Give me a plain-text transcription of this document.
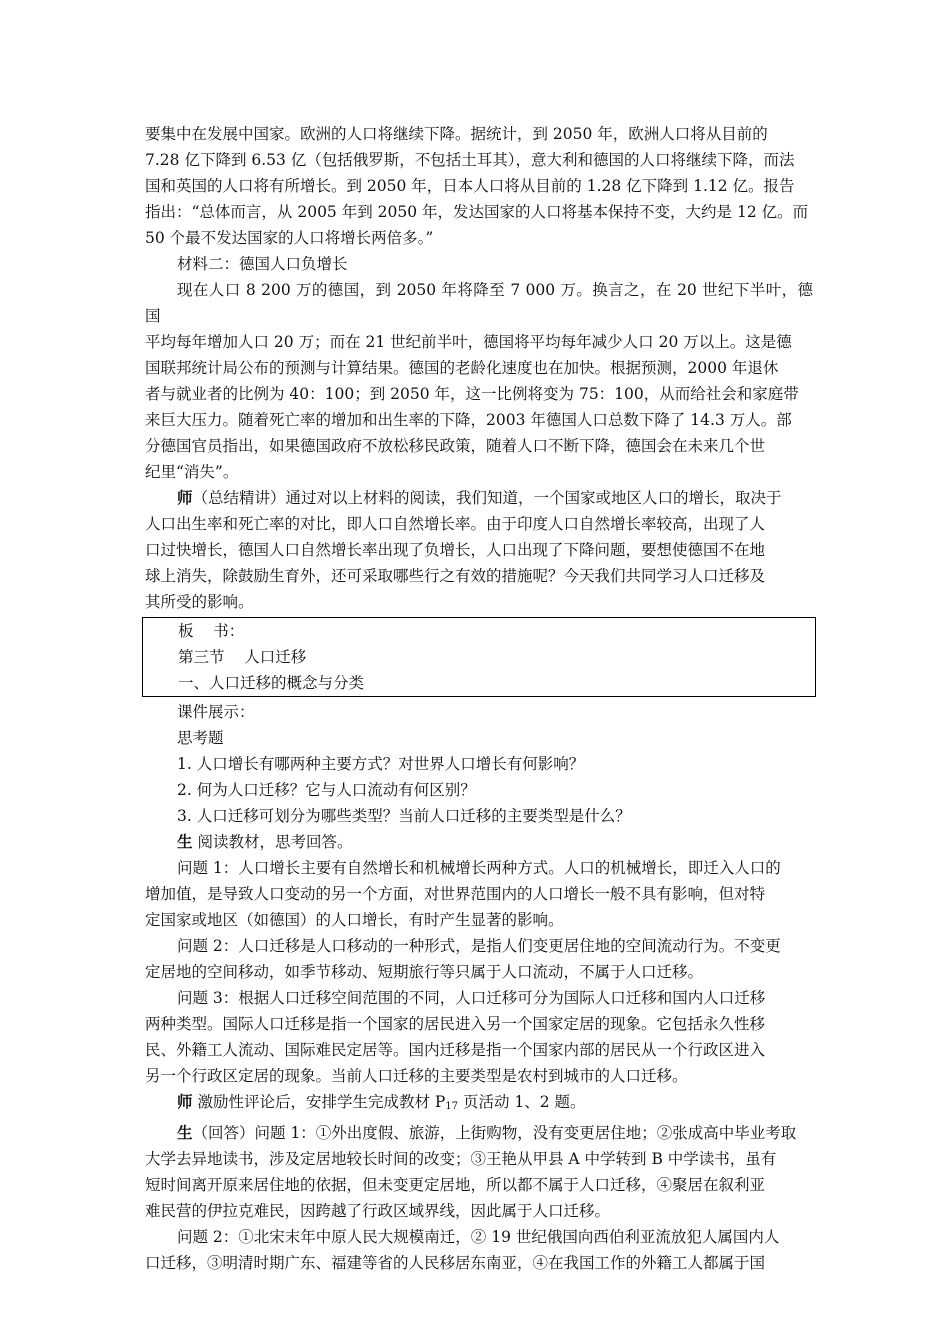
要集中在发展中国家。欧洲的人口将继续下降。据统计，到 2050 年，欧洲人口将从目前的
7.28 亿下降到 6.53 亿（包括俄罗斯，不包括土耳其），意大利和德国的人口将继续下降，而法
国和英国的人口将有所增长。到 2050 年，日本人口将从目前的 1.28 亿下降到 1.12 亿。报告
指出：“总体而言，从 2005 年到 2050 年，发达国家的人口将基本保持不变，大约是 12 亿。而
50 个最不发达国家的人口将增长两倍多。”

材料二：德国人口负增长

现在人口 8 200 万的德国，到 2050 年将降至 7 000 万。换言之，在 20 世纪下半叶，德国
平均每年增加人口 20 万；而在 21 世纪前半叶，德国将平均每年减少人口 20 万以上。这是德
国联邦统计局公布的预测与计算结果。德国的老龄化速度也在加快。根据预测，2000 年退休
者与就业者的比例为 40：100；到 2050 年，这一比例将变为 75：100，从而给社会和家庭带
来巨大压力。随着死亡率的增加和出生率的下降，2003 年德国人口总数下降了 14.3 万人。部
分德国官员指出，如果德国政府不放松移民政策，随着人口不断下降，德国会在未来几个世
纪里“消失”。

师（总结精讲）通过对以上材料的阅读，我们知道，一个国家或地区人口的增长，取决于
人口出生率和死亡率的对比，即人口自然增长率。由于印度人口自然增长率较高，出现了人
口过快增长，德国人口自然增长率出现了负增长，人口出现了下降问题，要想使德国不在地
球上消失，除鼓励生育外，还可采取哪些行之有效的措施呢？今天我们共同学习人口迁移及
其所受的影响。

板    书：

第三节    人口迁移

一、人口迁移的概念与分类

课件展示：

思考题

1. 人口增长有哪两种主要方式？对世界人口增长有何影响？

2. 何为人口迁移？它与人口流动有何区别？

3. 人口迁移可划分为哪些类型？当前人口迁移的主要类型是什么？

生 阅读教材，思考回答。

问题 1：人口增长主要有自然增长和机械增长两种方式。人口的机械增长，即迁入人口的
增加值，是导致人口变动的另一个方面，对世界范围内的人口增长一般不具有影响，但对特
定国家或地区（如德国）的人口增长，有时产生显著的影响。

问题 2：人口迁移是人口移动的一种形式，是指人们变更居住地的空间流动行为。不变更
定居地的空间移动，如季节移动、短期旅行等只属于人口流动，不属于人口迁移。

问题 3：根据人口迁移空间范围的不同，人口迁移可分为国际人口迁移和国内人口迁移
两种类型。国际人口迁移是指一个国家的居民进入另一个国家定居的现象。它包括永久性移
民、外籍工人流动、国际难民定居等。国内迁移是指一个国家内部的居民从一个行政区进入
另一个行政区定居的现象。当前人口迁移的主要类型是农村到城市的人口迁移。

师 激励性评论后，安排学生完成教材 $P_{17}$ 页活动 1、2 题。

生（回答）问题 1：①外出度假、旅游，上街购物，没有变更居住地；②张成高中毕业考取
大学去异地读书，涉及定居地较长时间的改变；③王艳从甲县 A 中学转到 B 中学读书，虽有
短时间离开原来居住地的依据，但未变更定居地，所以都不属于人口迁移，④聚居在叙利亚
难民营的伊拉克难民，因跨越了行政区域界线，因此属于人口迁移。

问题 2：①北宋末年中原人民大规模南迁，② 19 世纪俄国向西伯利亚流放犯人属国内人
口迁移，③明清时期广东、福建等省的人民移居东南亚，④在我国工作的外籍工人都属于国
